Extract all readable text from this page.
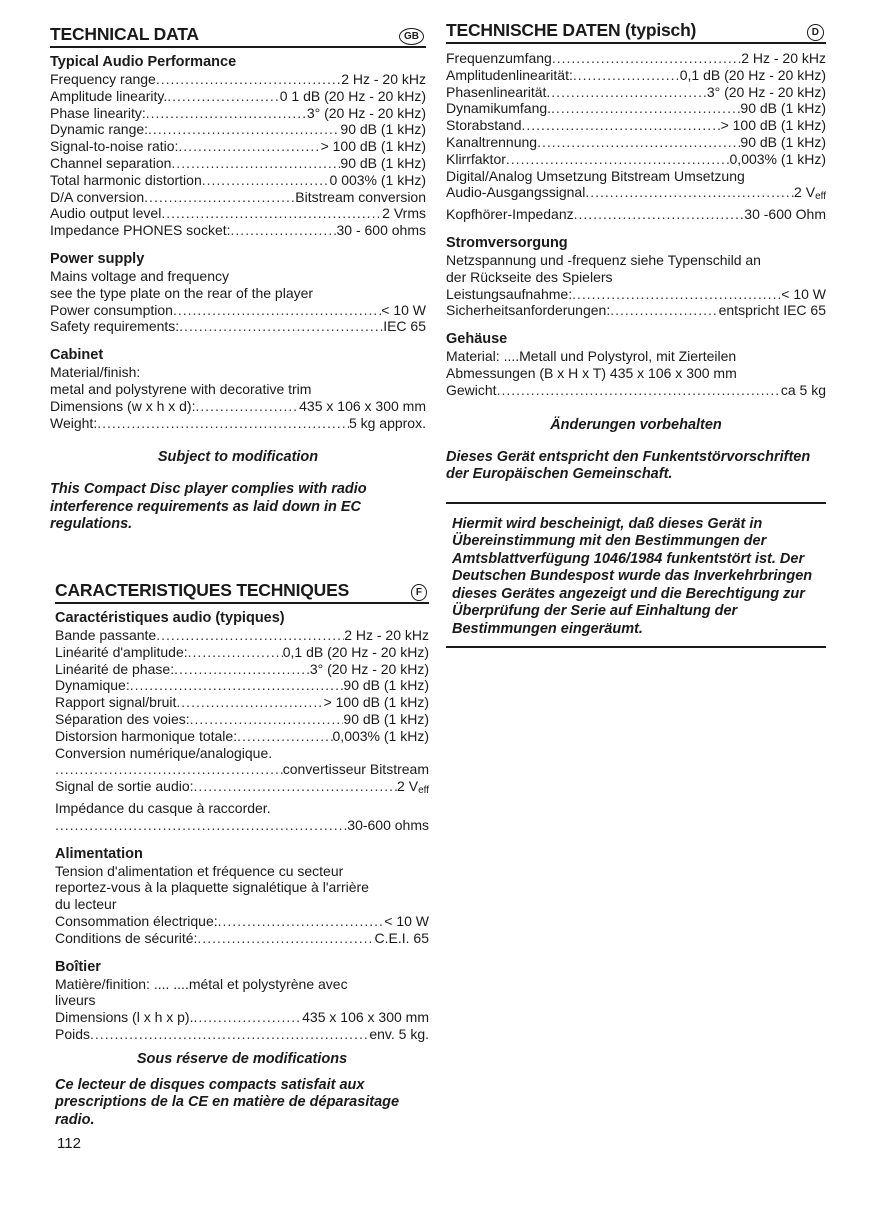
TECHNICAL DATA	GB
Typical Audio Performance
Frequency range .....	2 Hz - 20 kHz
Amplitude linearity. .....	0 1 dB (20 Hz - 20 kHz)
Phase linearity: .....	3° (20 Hz - 20 kHz)
Dynamic range: .....	90 dB (1 kHz)
Signal-to-noise ratio: .....	> 100 dB (1 kHz)
Channel separation .....	90 dB (1 kHz)
Total harmonic distortion .....	0 003% (1 kHz)
D/A conversion .....	Bitstream conversion
Audio output level .....	2 Vrms
Impedance PHONES socket: .....	30 - 600 ohms
Power supply
Mains voltage and frequency
see the type plate on the rear of the player
Power consumption .....	< 10 W
Safety requirements: .....	IEC 65
Cabinet
Material/finish:
metal and polystyrene with decorative trim
Dimensions (w x h x d): .....	435 x 106 x 300 mm
Weight: .....	5 kg approx.
Subject to modification
This Compact Disc player complies with radio interference requirements as laid down in EC regulations.
TECHNISCHE DATEN (typisch)	D
Frequenzumfang .....	2 Hz - 20 kHz
Amplitudenlinearität: .....	0,1 dB (20 Hz - 20 kHz)
Phasenlinearität .....	3° (20 Hz - 20 kHz)
Dynamikumfang. .....	90 dB (1 kHz)
Storabstand .....	> 100 dB (1 kHz)
Kanaltrennung .....	90 dB (1 kHz)
Klirrfaktor .....	0,003% (1 kHz)
Digital/Analog Umsetzung Bitstream Umsetzung
Audio-Ausgangssignal .....	2 Veff
Kopfhörer-Impedanz .....	30 -600 Ohm
Stromversorgung
Netzspannung und -frequenz siehe Typenschild an
der Rückseite des Spielers
Leistungsaufnahme: .....	< 10 W
Sicherheitsanforderungen: .....	entspricht IEC 65
Gehäuse
Material: ....Metall und Polystyrol, mit Zierteilen
Abmessungen (B x H x T) 435 x 106 x 300 mm
Gewicht .....	ca 5 kg
Änderungen vorbehalten
Dieses Gerät entspricht den Funkentstörvorschriften der Europäischen Gemeinschaft.
Hiermit wird bescheinigt, daß dieses Gerät in Übereinstimmung mit den Bestimmungen der Amtsblattverfügung 1046/1984 funkentstört ist. Der Deutschen Bundespost wurde das Inverkehrbringen dieses Gerätes angezeigt und die Berechtigung zur Überprüfung der Serie auf Einhaltung der Bestimmungen eingeräumt.
CARACTERISTIQUES TECHNIQUES	F
Caractéristiques audio (typiques)
Bande passante .....	2 Hz - 20 kHz
Linéarité d'amplitude: .....	0,1 dB (20 Hz - 20 kHz)
Linéarité de phase: .....	3° (20 Hz - 20 kHz)
Dynamique: .....	90 dB (1 kHz)
Rapport signal/bruit .....	> 100 dB (1 kHz)
Séparation des voies: .....	90 dB (1 kHz)
Distorsion harmonique totale: .....	0,003% (1 kHz)
Conversion numérique/analogique.
.....
convertisseur Bitstream
Signal de sortie audio: .....	2 Veff
Impédance du casque à raccorder.
.....
30-600 ohms
Alimentation
Tension d'alimentation et fréquence cu secteur
reportez-vous à la plaquette signalétique à l'arrière
du lecteur
Consommation électrique: .....	< 10 W
Conditions de sécurité: .....	C.E.I. 65
Boîtier
Matière/finition: .... ....métal et polystyrène avec
liveurs
Dimensions (l x h x p). .....	435 x 106 x 300 mm
Poids .....	env. 5 kg.
Sous réserve de modifications
Ce lecteur de disques compacts satisfait aux prescriptions de la CE en matière de déparasitage radio.
112
